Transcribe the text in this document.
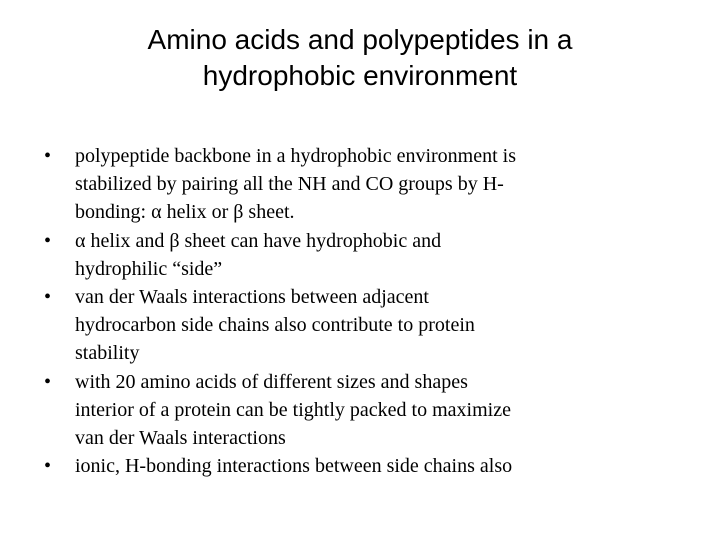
Amino acids and polypeptides in a
hydrophobic environment
• polypeptide backbone in a hydrophobic environment is
stabilized by pairing all the NH and CO groups by H-
bonding: α helix or β sheet.
• α helix and β sheet can have hydrophobic and
hydrophilic “side”
• van der Waals interactions between adjacent
hydrocarbon side chains also contribute to protein
stability
• with 20 amino acids of different sizes and shapes
interior of a protein can be tightly packed to maximize
van der Waals interactions
• ionic, H-bonding interactions between side chains also
